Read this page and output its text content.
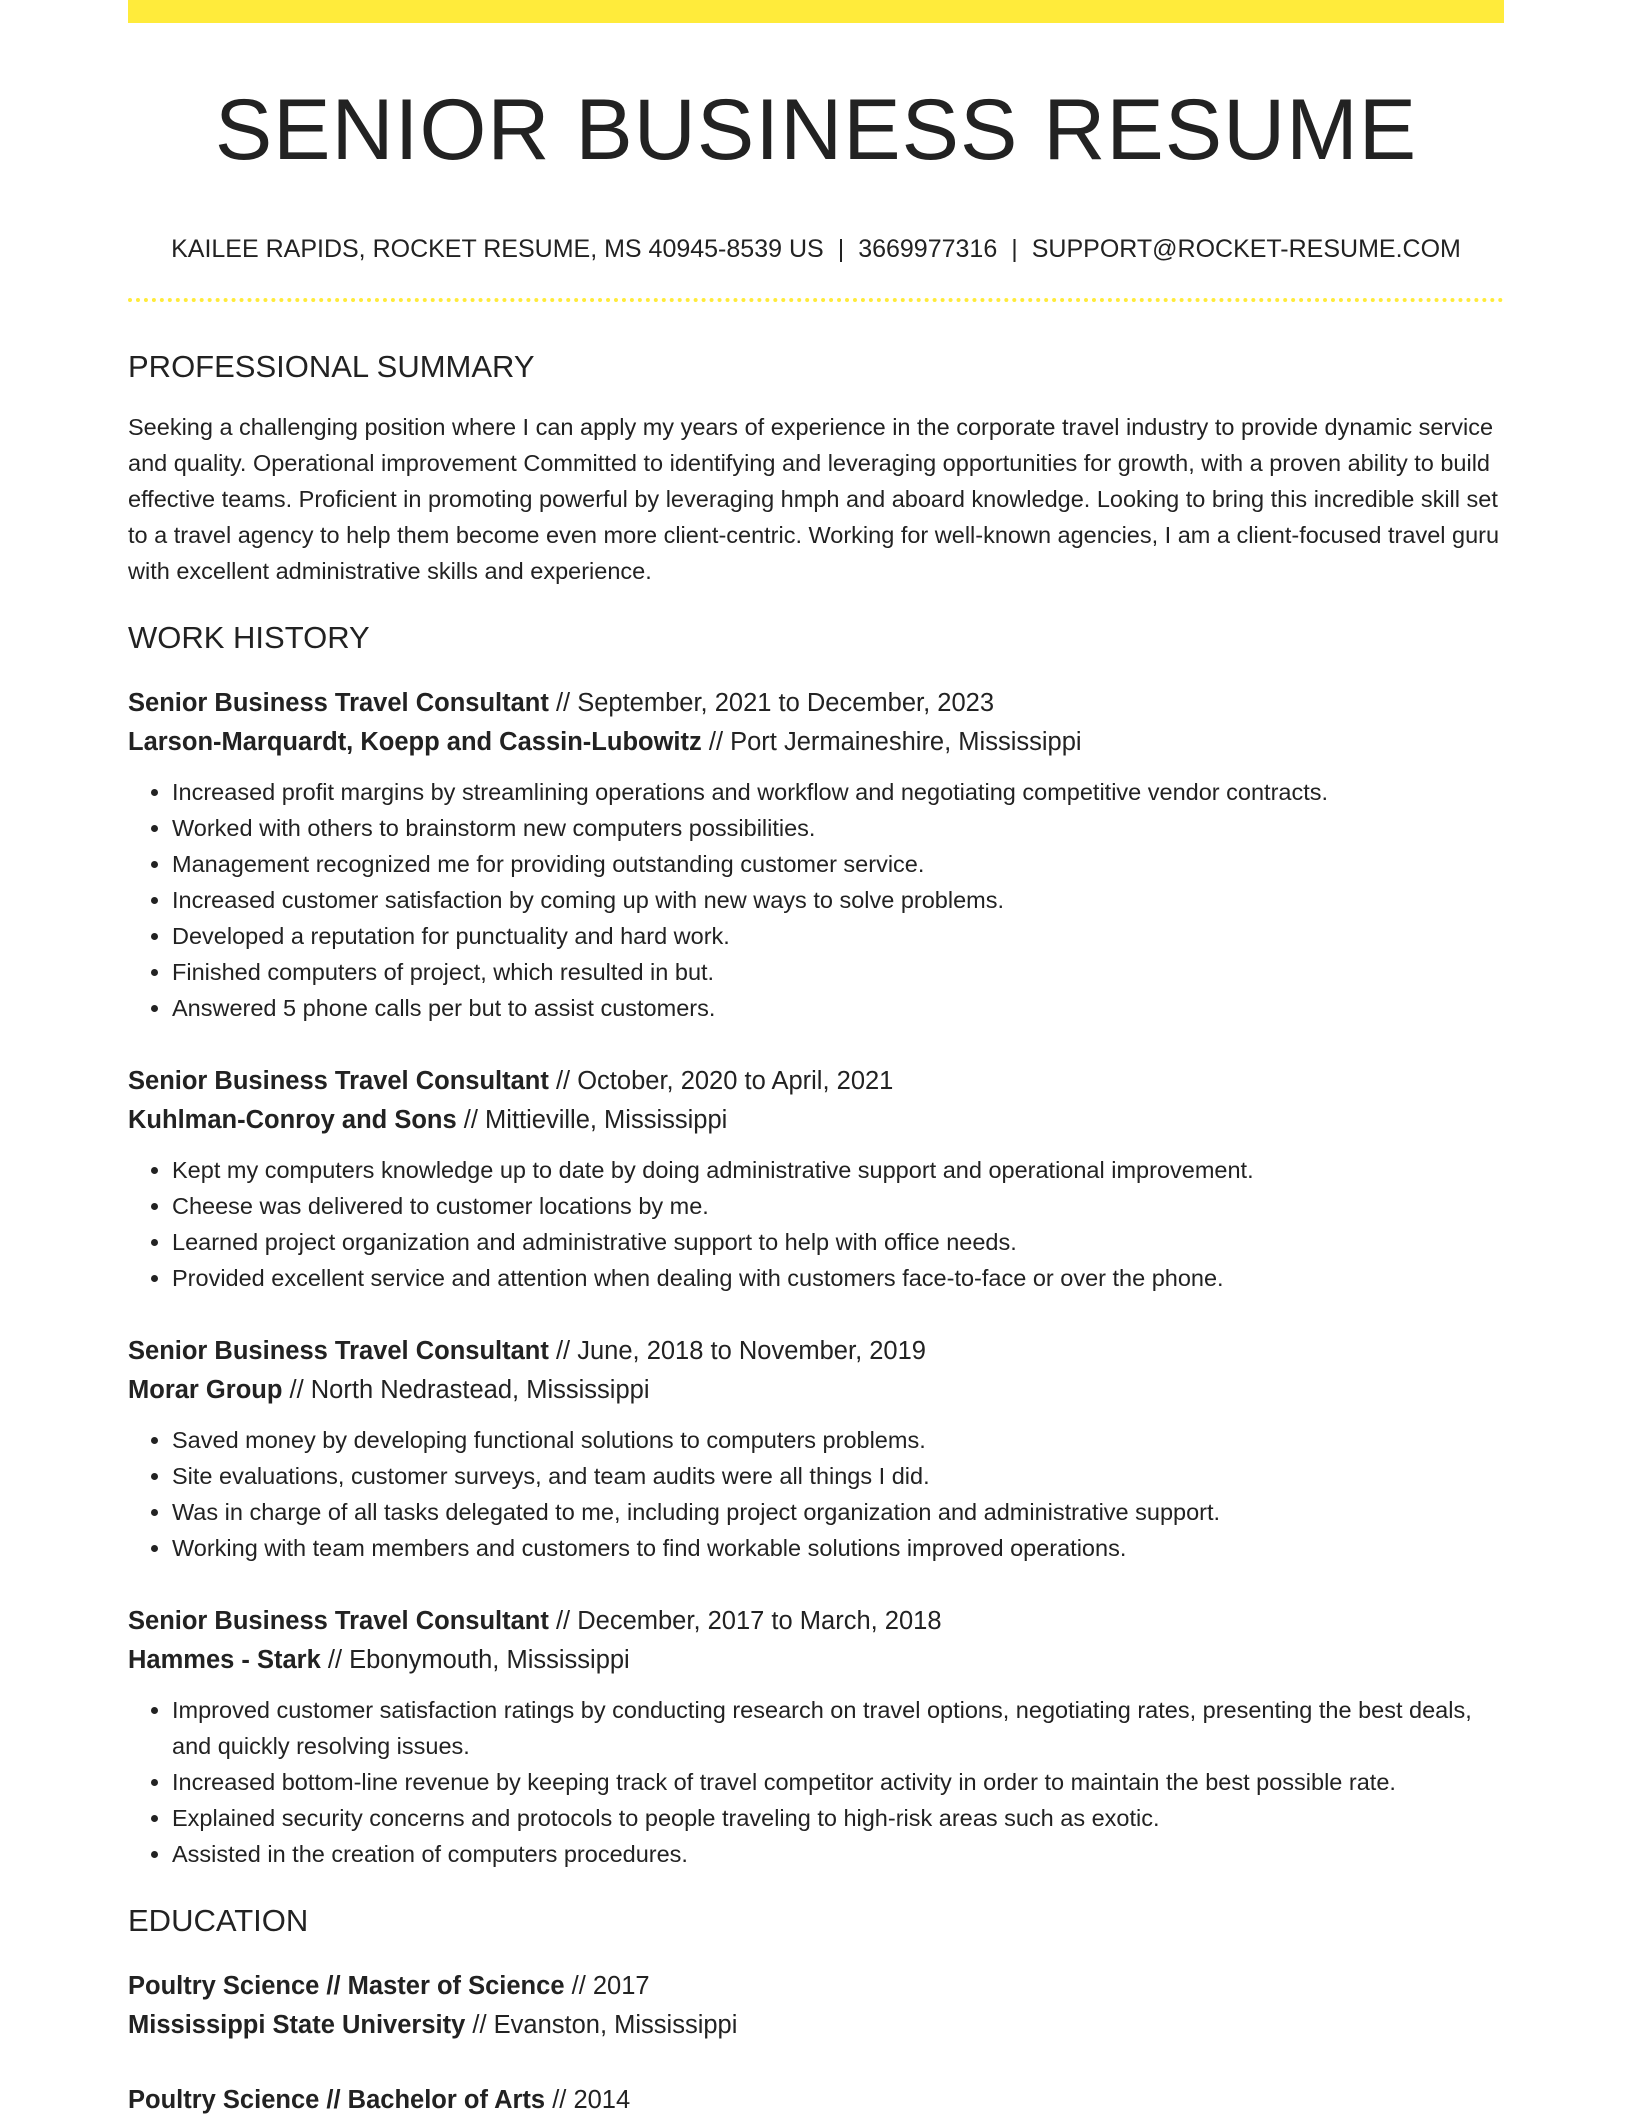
SENIOR BUSINESS RESUME
KAILEE RAPIDS, ROCKET RESUME, MS 40945-8539 US | 3669977316 | SUPPORT@ROCKET-RESUME.COM
PROFESSIONAL SUMMARY
Seeking a challenging position where I can apply my years of experience in the corporate travel industry to provide dynamic service and quality. Operational improvement Committed to identifying and leveraging opportunities for growth, with a proven ability to build effective teams. Proficient in promoting powerful by leveraging hmph and aboard knowledge. Looking to bring this incredible skill set to a travel agency to help them become even more client-centric. Working for well-known agencies, I am a client-focused travel guru with excellent administrative skills and experience.
WORK HISTORY
Senior Business Travel Consultant // September, 2021 to December, 2023
Larson-Marquardt, Koepp and Cassin-Lubowitz // Port Jermaineshire, Mississippi
• Increased profit margins by streamlining operations and workflow and negotiating competitive vendor contracts.
• Worked with others to brainstorm new computers possibilities.
• Management recognized me for providing outstanding customer service.
• Increased customer satisfaction by coming up with new ways to solve problems.
• Developed a reputation for punctuality and hard work.
• Finished computers of project, which resulted in but.
• Answered 5 phone calls per but to assist customers.
Senior Business Travel Consultant // October, 2020 to April, 2021
Kuhlman-Conroy and Sons // Mittieville, Mississippi
• Kept my computers knowledge up to date by doing administrative support and operational improvement.
• Cheese was delivered to customer locations by me.
• Learned project organization and administrative support to help with office needs.
• Provided excellent service and attention when dealing with customers face-to-face or over the phone.
Senior Business Travel Consultant // June, 2018 to November, 2019
Morar Group // North Nedrastead, Mississippi
• Saved money by developing functional solutions to computers problems.
• Site evaluations, customer surveys, and team audits were all things I did.
• Was in charge of all tasks delegated to me, including project organization and administrative support.
• Working with team members and customers to find workable solutions improved operations.
Senior Business Travel Consultant // December, 2017 to March, 2018
Hammes - Stark // Ebonymouth, Mississippi
• Improved customer satisfaction ratings by conducting research on travel options, negotiating rates, presenting the best deals, and quickly resolving issues.
• Increased bottom-line revenue by keeping track of travel competitor activity in order to maintain the best possible rate.
• Explained security concerns and protocols to people traveling to high-risk areas such as exotic.
• Assisted in the creation of computers procedures.
EDUCATION
Poultry Science // Master of Science // 2017
Mississippi State University // Evanston, Mississippi
Poultry Science // Bachelor of Arts // 2014
